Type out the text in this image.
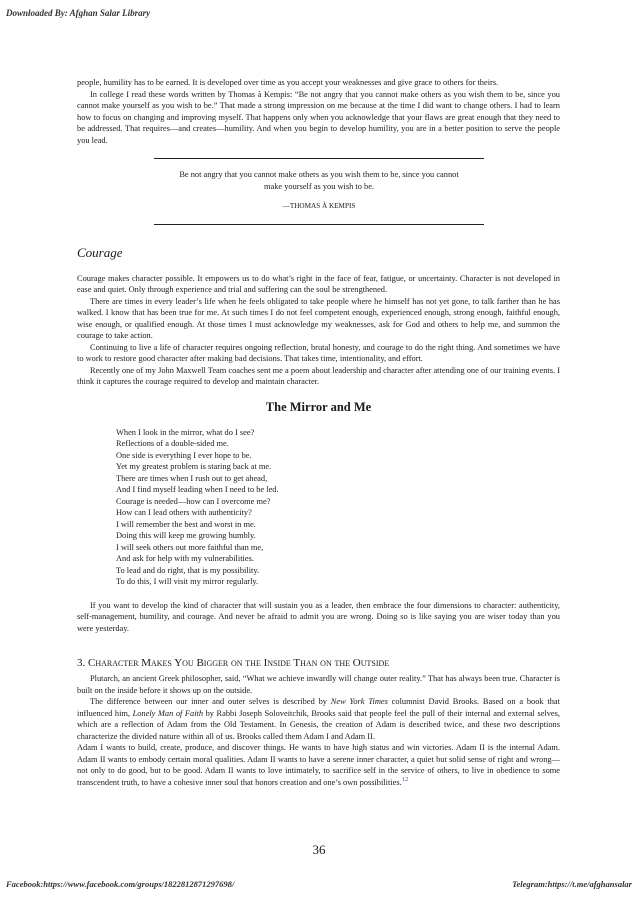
Downloaded By: Afghan Salar Library

people, humility has to be earned. It is developed over time as you accept your weaknesses and give grace to others for theirs.

In college I read these words written by Thomas à Kempis: “Be not angry that you cannot make others as you wish them to be, since you cannot make yourself as you wish to be.” That made a strong impression on me because at the time I did want to change others. I had to learn how to focus on changing and improving myself. That happens only when you acknowledge that your flaws are great enough that they need to be addressed. That requires—and creates—humility. And when you begin to develop humility, you are in a better position to serve the people you lead.

Be not angry that you cannot make others as you wish them to be, since you cannot make yourself as you wish to be.
—THOMAS À KEMPIS
Courage

Courage makes character possible. It empowers us to do what’s right in the face of fear, fatigue, or uncertainty. Character is not developed in ease and quiet. Only through experience and trial and suffering can the soul be strengthened.

There are times in every leader’s life when he feels obligated to take people where he himself has not yet gone, to talk farther than he has walked. I know that has been true for me. At such times I do not feel competent enough, experienced enough, strong enough, faithful enough, wise enough, or qualified enough. At those times I must acknowledge my weaknesses, ask for God and others to help me, and summon the courage to take action.

Continuing to live a life of character requires ongoing reflection, brutal honesty, and courage to do the right thing. And sometimes we have to work to restore good character after making bad decisions. That takes time, intentionality, and effort.

Recently one of my John Maxwell Team coaches sent me a poem about leadership and character after attending one of our training events. I think it captures the courage required to develop and maintain character.

The Mirror and Me
When I look in the mirror, what do I see?
Reflections of a double-sided me.
One side is everything I ever hope to be.
Yet my greatest problem is staring back at me.
There are times when I rush out to get ahead,
And I find myself leading when I need to be led.
Courage is needed—how can I overcome me?
How can I lead others with authenticity?
I will remember the best and worst in me.
Doing this will keep me growing humbly.
I will seek others out more faithful than me,
And ask for help with my vulnerabilities.
To lead and do right, that is my possibility.
To do this, I will visit my mirror regularly.

If you want to develop the kind of character that will sustain you as a leader, then embrace the four dimensions to character: authenticity, self-management, humility, and courage. And never be afraid to admit you are wrong. Doing so is like saying you are wiser today than you were yesterday.

3. Character Makes You Bigger on the Inside Than on the Outside

Plutarch, an ancient Greek philosopher, said, “What we achieve inwardly will change outer reality.” That has always been true. Character is built on the inside before it shows up on the outside.

The difference between our inner and outer selves is described by New York Times columnist David Brooks. Based on a book that influenced him, Lonely Man of Faith by Rabbi Joseph Soloveitchik, Brooks said that people feel the pull of their internal and external selves, which are a reflection of Adam from the Old Testament. In Genesis, the creation of Adam is described twice, and these two descriptions characterize the divided nature within all of us. Brooks called them Adam I and Adam II.

Adam I wants to build, create, produce, and discover things. He wants to have high status and win victories. Adam II is the internal Adam. Adam II wants to embody certain moral qualities. Adam II wants to have a serene inner character, a quiet but solid sense of right and wrong—not only to do good, but to be good. Adam II wants to love intimately, to sacrifice self in the service of others, to live in obedience to some transcendent truth, to have a cohesive inner soul that honors creation and one’s own possibilities.$^{12}$

36
Facebook:https://www.facebook.com/groups/1822812871297698/	Telegram:https://t.me/afghansalar
